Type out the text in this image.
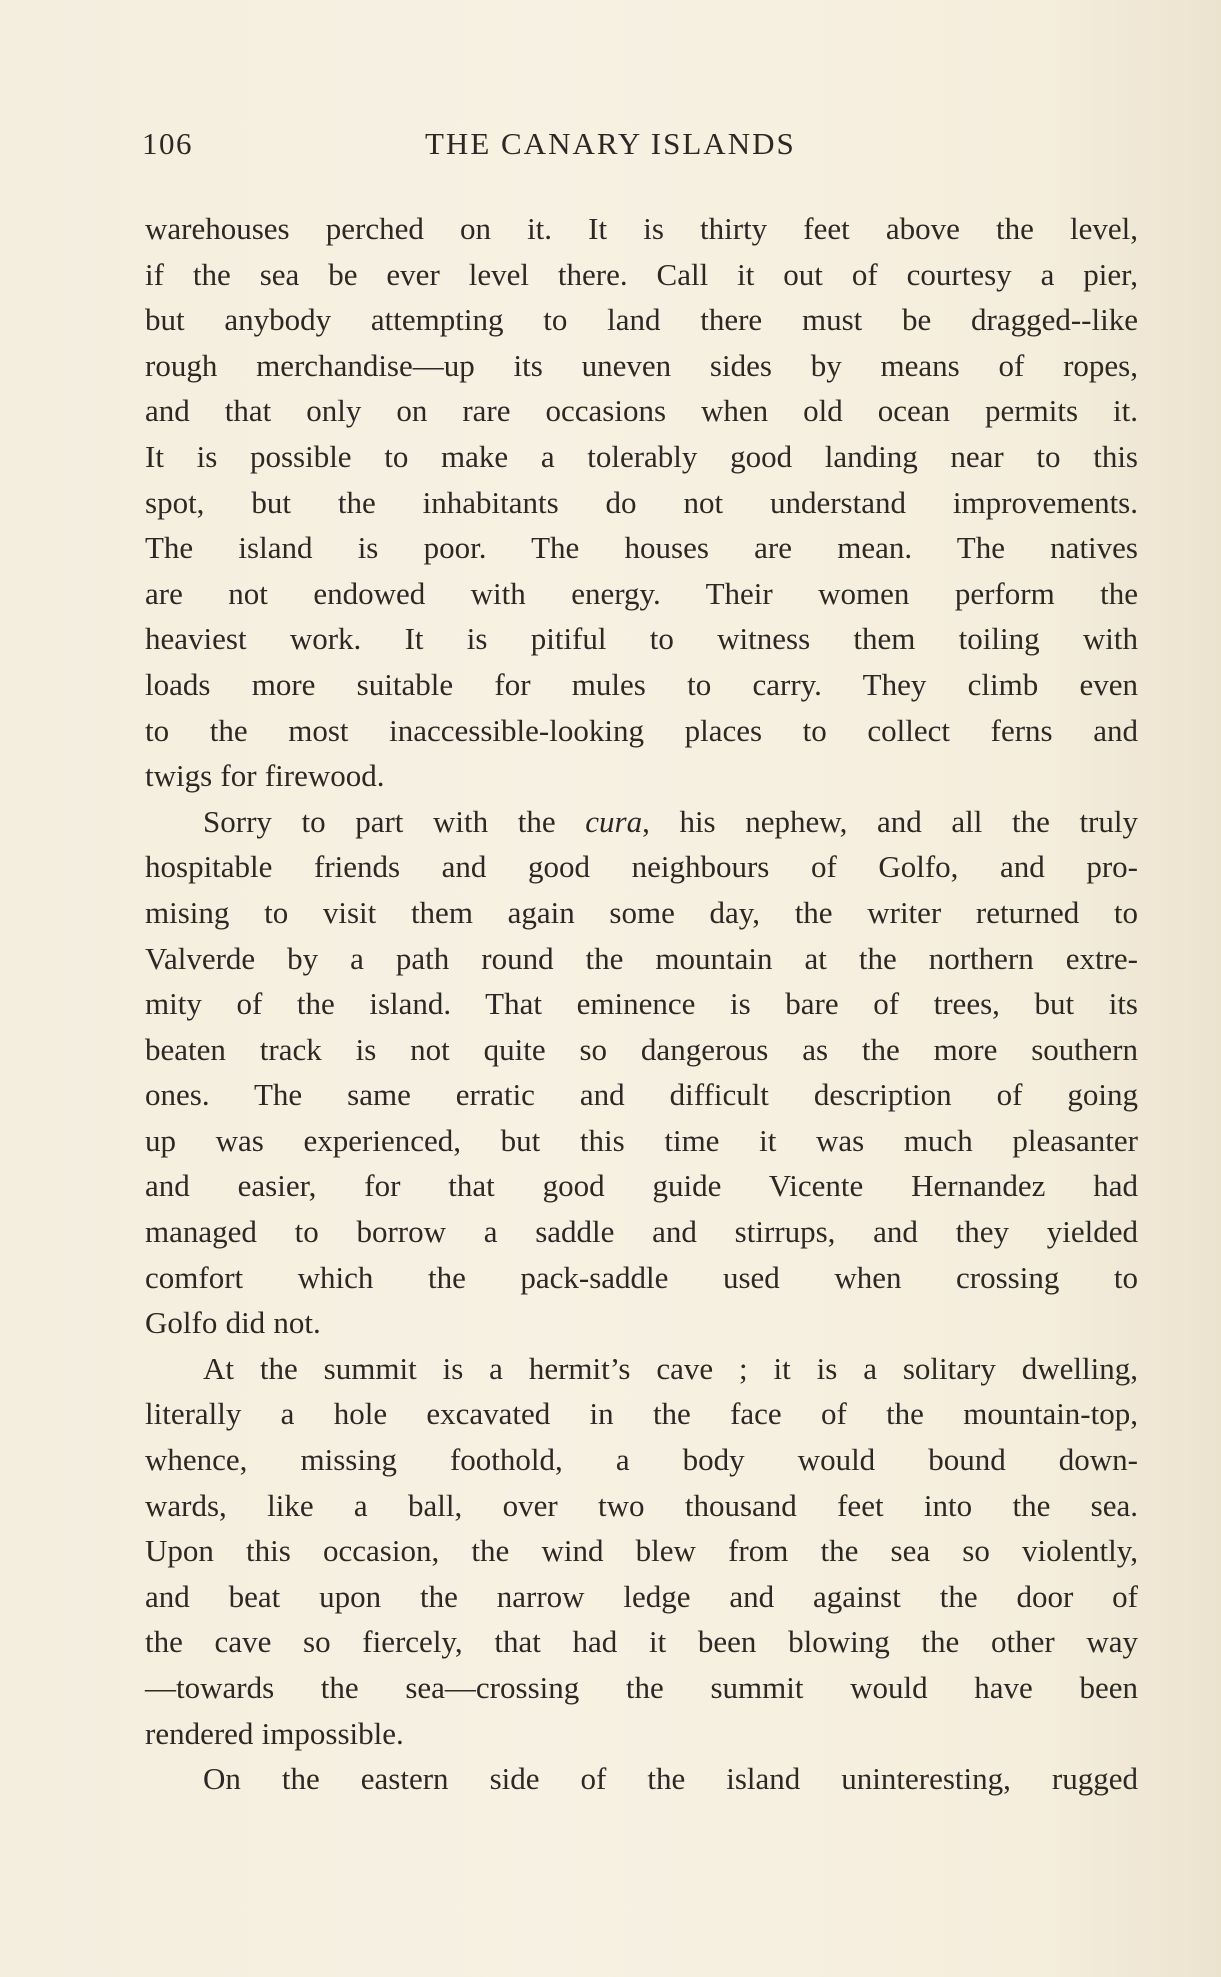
106	THE CANARY ISLANDS
warehouses perched on it. It is thirty feet above the level,
if the sea be ever level there. Call it out of courtesy a pier,
but anybody attempting to land there must be dragged--like
rough merchandise—up its uneven sides by means of ropes,
and that only on rare occasions when old ocean permits it.
It is possible to make a tolerably good landing near to this
spot, but the inhabitants do not understand improvements.
The island is poor. The houses are mean. The natives
are not endowed with energy. Their women perform the
heaviest work. It is pitiful to witness them toiling with
loads more suitable for mules to carry. They climb even
to the most inaccessible-looking places to collect ferns and
twigs for firewood.
Sorry to part with the cura, his nephew, and all the truly
hospitable friends and good neighbours of Golfo, and pro-
mising to visit them again some day, the writer returned to
Valverde by a path round the mountain at the northern extre-
mity of the island. That eminence is bare of trees, but its
beaten track is not quite so dangerous as the more southern
ones. The same erratic and difficult description of going
up was experienced, but this time it was much pleasanter
and easier, for that good guide Vicente Hernandez had
managed to borrow a saddle and stirrups, and they yielded
comfort which the pack-saddle used when crossing to
Golfo did not.
At the summit is a hermit’s cave ; it is a solitary dwelling,
literally a hole excavated in the face of the mountain-top,
whence, missing foothold, a body would bound down-
wards, like a ball, over two thousand feet into the sea.
Upon this occasion, the wind blew from the sea so violently,
and beat upon the narrow ledge and against the door of
the cave so fiercely, that had it been blowing the other way
—towards the sea—crossing the summit would have been
rendered impossible.
On the eastern side of the island uninteresting, rugged
